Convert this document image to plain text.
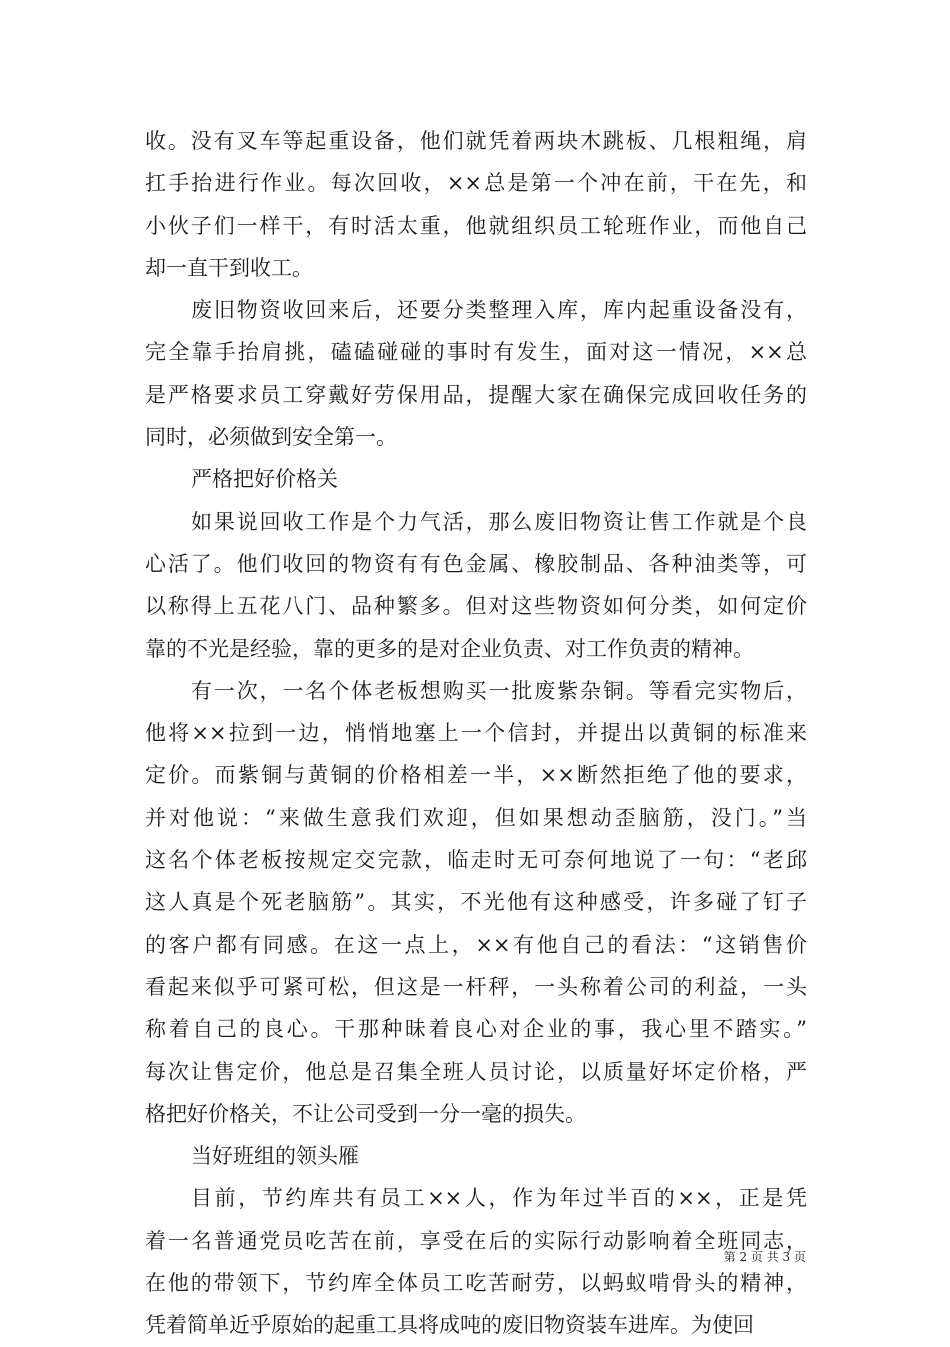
收。没有叉车等起重设备，他们就凭着两块木跳板、几根粗绳，肩
扛手抬进行作业。每次回收，××总是第一个冲在前，干在先，和
小伙子们一样干，有时活太重，他就组织员工轮班作业，而他自己
却一直干到收工。
废旧物资收回来后，还要分类整理入库，库内起重设备没有，
完全靠手抬肩挑，磕磕碰碰的事时有发生，面对这一情况，××总
是严格要求员工穿戴好劳保用品，提醒大家在确保完成回收任务的
同时，必须做到安全第一。
严格把好价格关
如果说回收工作是个力气活，那么废旧物资让售工作就是个良
心活了。他们收回的物资有有色金属、橡胶制品、各种油类等，可
以称得上五花八门、品种繁多。但对这些物资如何分类，如何定价
靠的不光是经验，靠的更多的是对企业负责、对工作负责的精神。
有一次，一名个体老板想购买一批废紫杂铜。等看完实物后，
他将××拉到一边，悄悄地塞上一个信封，并提出以黄铜的标准来
定价。而紫铜与黄铜的价格相差一半，××断然拒绝了他的要求，
并对他说：“来做生意我们欢迎，但如果想动歪脑筋，没门。”当
这名个体老板按规定交完款，临走时无可奈何地说了一句：“老邱
这人真是个死老脑筋”。其实，不光他有这种感受，许多碰了钉子
的客户都有同感。在这一点上，××有他自己的看法：“这销售价
看起来似乎可紧可松，但这是一杆秤，一头称着公司的利益，一头
称着自己的良心。干那种昧着良心对企业的事，我心里不踏实。”
每次让售定价，他总是召集全班人员讨论，以质量好坏定价格，严
格把好价格关，不让公司受到一分一毫的损失。
当好班组的领头雁
目前，节约库共有员工××人，作为年过半百的××，正是凭
着一名普通党员吃苦在前，享受在后的实际行动影响着全班同志，
在他的带领下，节约库全体员工吃苦耐劳，以蚂蚁啃骨头的精神，
凭着简单近乎原始的起重工具将成吨的废旧物资装车进库。为使回
第 2 页 共 3 页
